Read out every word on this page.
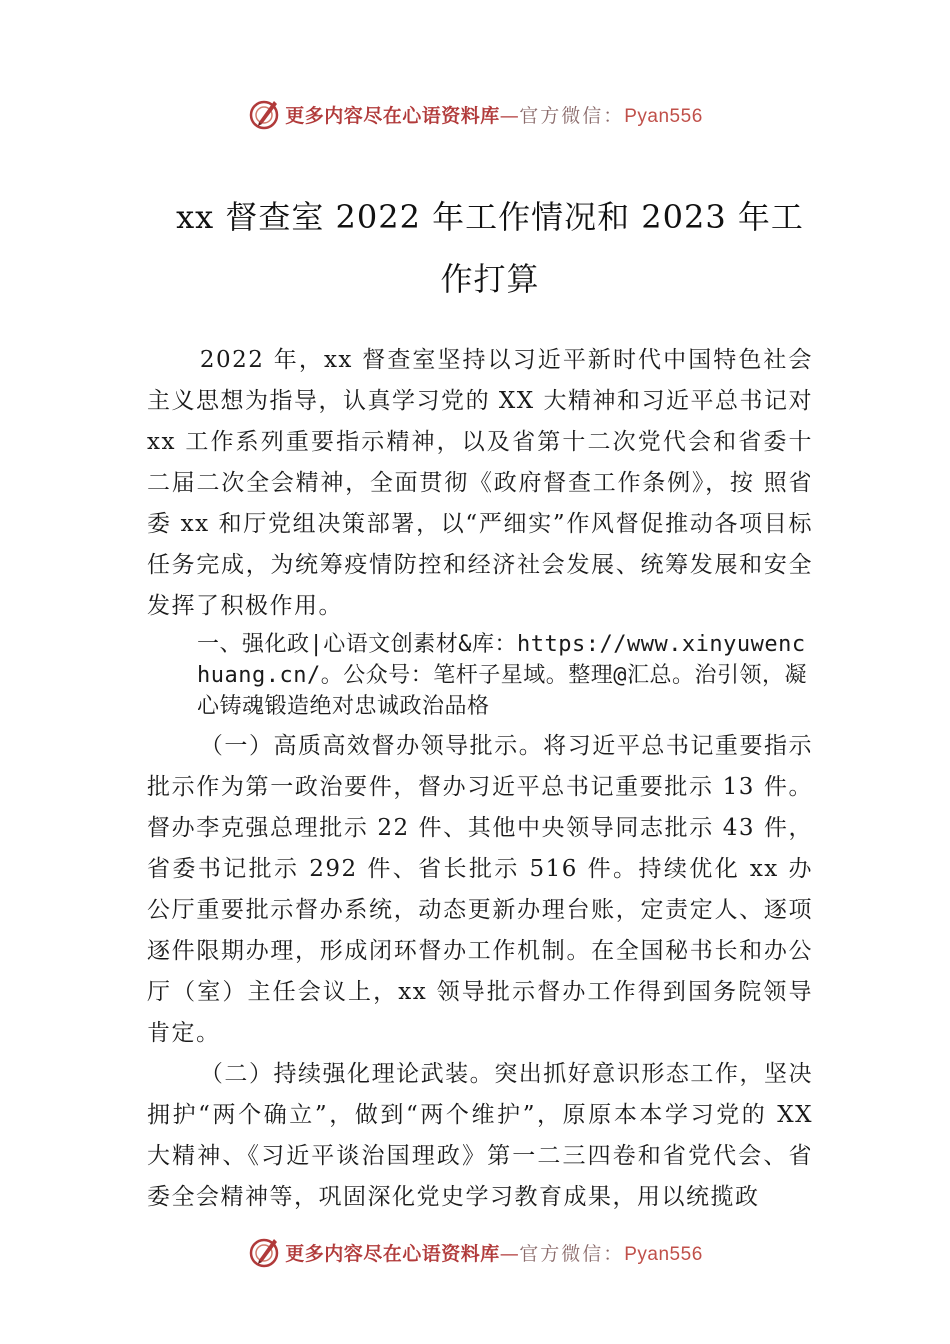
更多内容尽在心语资料库—官方微信：Pyan556
xx 督查室 2022 年工作情况和 2023 年工
作打算

2022 年，xx 督查室坚持以习近平新时代中国特色社会主义思想为指导，认真学习党的 XX 大精神和习近平总书记对 xx 工作系列重要指示精神，以及省第十二次党代会和省委十二届二次全会精神，全面贯彻《政府督查工作条例》，按 照省委 xx 和厅党组决策部署，以“严细实”作风督促推动各项目标任务完成，为统筹疫情防控和经济社会发展、统筹发展和安全发挥了积极作用。

一、强化政|心语文创素材&库：https://www.xinyuwenchuang.cn/。公众号：笔杆子星域。整理@汇总。治引领，凝心铸魂锻造绝对忠诚政治品格

（一）高质高效督办领导批示。将习近平总书记重要指示批示作为第一政治要件，督办习近平总书记重要批示 13 件。督办李克强总理批示 22 件、其他中央领导同志批示 43 件，省委书记批示 292 件、省长批示 516 件。持续优化 xx 办公厅重要批示督办系统，动态更新办理台账，定责定人、逐项逐件限期办理，形成闭环督办工作机制。在全国秘书长和办公厅（室）主任会议上，xx 领导批示督办工作得到国务院领导肯定。

（二）持续强化理论武装。突出抓好意识形态工作，坚决拥护“两个确立”，做到“两个维护”，原原本本学习党的 XX 大精神、《习近平谈治国理政》第一二三四卷和省党代会、省委全会精神等，巩固深化党史学习教育成果，用以统揽政

更多内容尽在心语资料库—官方微信：Pyan556
